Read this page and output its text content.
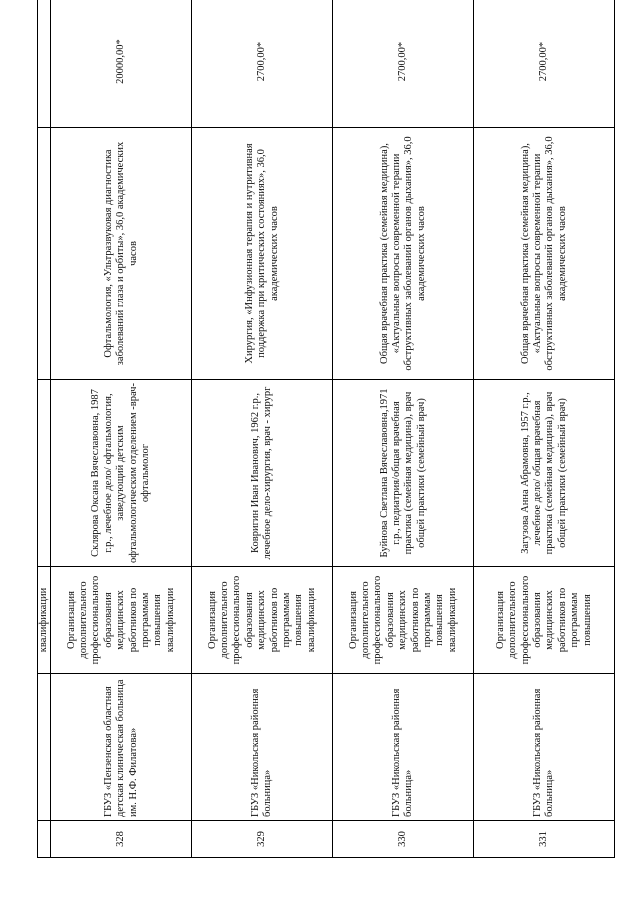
		квалификации			
328	ГБУЗ «Пензенская областная детская клиническая больница им. Н.Ф. Филатова»	Организация дополнительного профессионального образования медицинских работников по программам повышения квалификации	Склярова Оксана Вячеславовна, 1987 г.р., лечебное дело/ офтальмология, заведующий детским офтальмологическим отделением -врач-офтальмолог	Офтальмология, «Ультразвуковая диагностика заболеваний глаза и орбиты», 36,0 академических часов	20000,00*
329	ГБУЗ «Никольская районная больница»	Организация дополнительного профессионального образования медицинских работников по программам повышения квалификации	Ковригин Иван Иванович, 1962 г.р., лечебное дело-хирургия, врач - хирург	Хирургия, «Инфузионная терапия и нутритивная поддержка при критических состояниях», 36,0 академических часов	2700,00*
330	ГБУЗ «Никольская районная больница»	Организация дополнительного профессионального образования медицинских работников по программам повышения квалификации	Буйнова Светлана Вячеславовна,1971 г.р., педиатрия/общая врачебная практика (семейная медицина), врач общей практики (семейный врач)	Общая врачебная практика (семейная медицина), «Актуальные вопросы современной терапии обструктивных заболеваний органов дыхания», 36,0 академических часов	2700,00*
331	ГБУЗ «Никольская районная больница»	Организация дополнительного профессионального образования медицинских работников по программам повышения	Загузова Анна Абрамовна, 1957 г.р., лечебное дело/ общая врачебная практика (семейная медицина), врач общей практики (семейный врач)	Общая врачебная практика (семейная медицина), «Актуальные вопросы современной терапии обструктивных заболеваний органов дыхания», 36,0 академических часов	2700,00*
